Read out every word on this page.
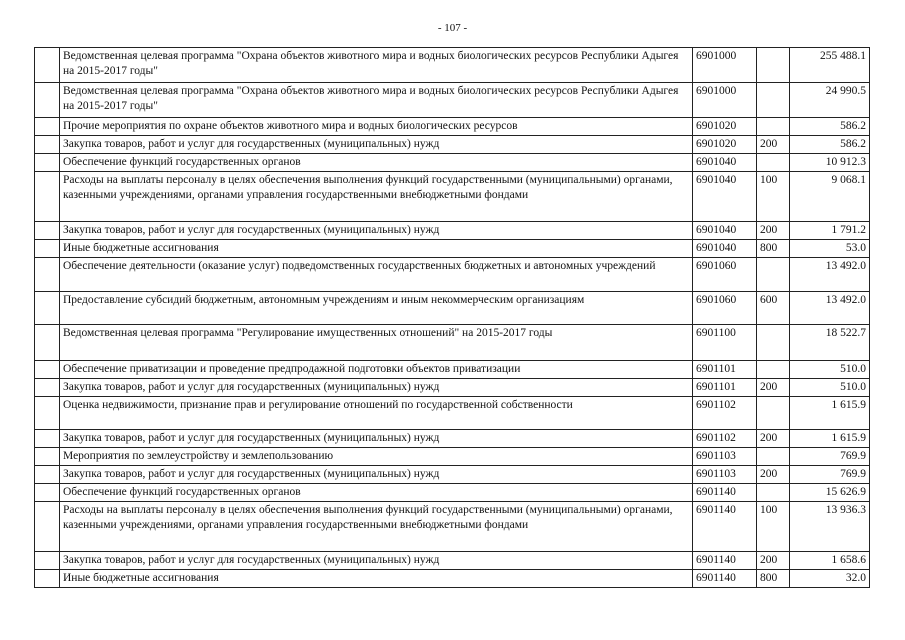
- 107 -
	Ведомственная целевая программа "Охрана объектов животного мира и водных биологических ресурсов Республики Адыгея на 2015-2017 годы"	6901000		255 488.1
	Ведомственная целевая программа "Охрана объектов животного мира и водных биологических ресурсов Республики Адыгея на 2015-2017 годы"	6901000		24 990.5
	Прочие мероприятия по охране объектов животного мира и водных биологических ресурсов	6901020		586.2
	Закупка товаров, работ и услуг для государственных (муниципальных) нужд	6901020	200	586.2
	Обеспечение функций государственных органов	6901040		10 912.3
	Расходы на выплаты персоналу в целях обеспечения выполнения функций государственными (муниципальными) органами, казенными учреждениями, органами управления государственными внебюджетными фондами	6901040	100	9 068.1
	Закупка товаров, работ и услуг для государственных (муниципальных) нужд	6901040	200	1 791.2
	Иные бюджетные ассигнования	6901040	800	53.0
	Обеспечение деятельности (оказание услуг) подведомственных государственных бюджетных и автономных учреждений	6901060		13 492.0
	Предоставление субсидий бюджетным, автономным учреждениям и иным некоммерческим организациям	6901060	600	13 492.0
	Ведомственная целевая программа "Регулирование имущественных отношений" на 2015-2017 годы	6901100		18 522.7
	Обеспечение приватизации и проведение предпродажной подготовки объектов приватизации	6901101		510.0
	Закупка товаров, работ и услуг для государственных (муниципальных) нужд	6901101	200	510.0
	Оценка недвижимости, признание прав и регулирование отношений по государственной собственности	6901102		1 615.9
	Закупка товаров, работ и услуг для государственных (муниципальных) нужд	6901102	200	1 615.9
	Мероприятия по землеустройству и землепользованию	6901103		769.9
	Закупка товаров, работ и услуг для государственных (муниципальных) нужд	6901103	200	769.9
	Обеспечение функций государственных органов	6901140		15 626.9
	Расходы на выплаты персоналу в целях обеспечения выполнения функций государственными (муниципальными) органами, казенными учреждениями, органами управления государственными внебюджетными фондами	6901140	100	13 936.3
	Закупка товаров, работ и услуг для государственных (муниципальных) нужд	6901140	200	1 658.6
	Иные бюджетные ассигнования	6901140	800	32.0
